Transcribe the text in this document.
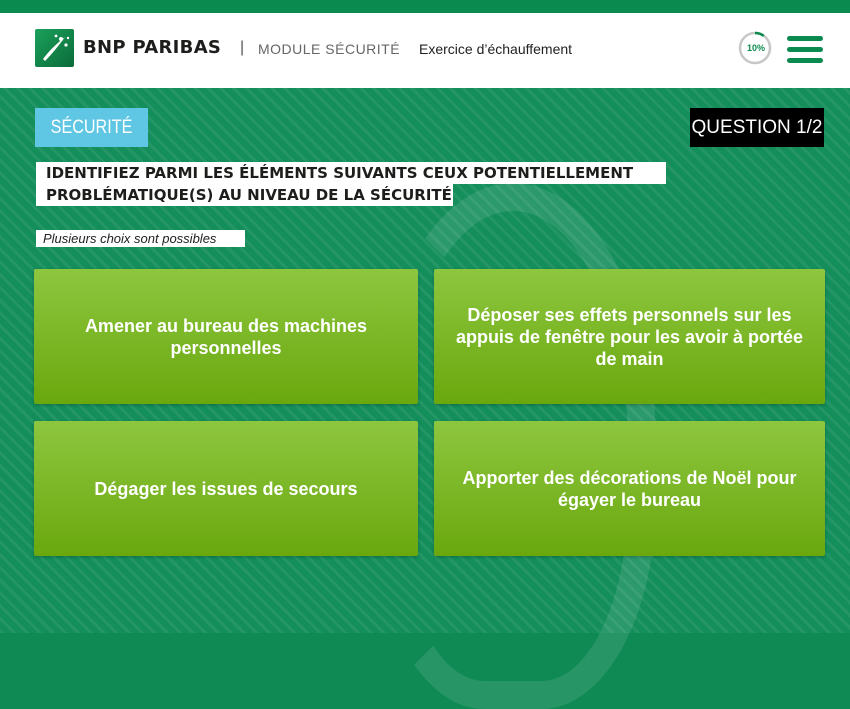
BNP PARIBAS | MODULE SÉCURITÉ Exercice d’échauffement	10%
SÉCURITÉ	QUESTION 1/2
IDENTIFIEZ PARMI LES ÉLÉMENTS SUIVANTS CEUX POTENTIELLEMENT
PROBLÉMATIQUE(S) AU NIVEAU DE LA SÉCURITÉ
Plusieurs choix sont possibles
Amener au bureau des machines personnelles
Déposer ses effets personnels sur les appuis de fenêtre pour les avoir à portée de main
Dégager les issues de secours
Apporter des décorations de Noël pour égayer le bureau
